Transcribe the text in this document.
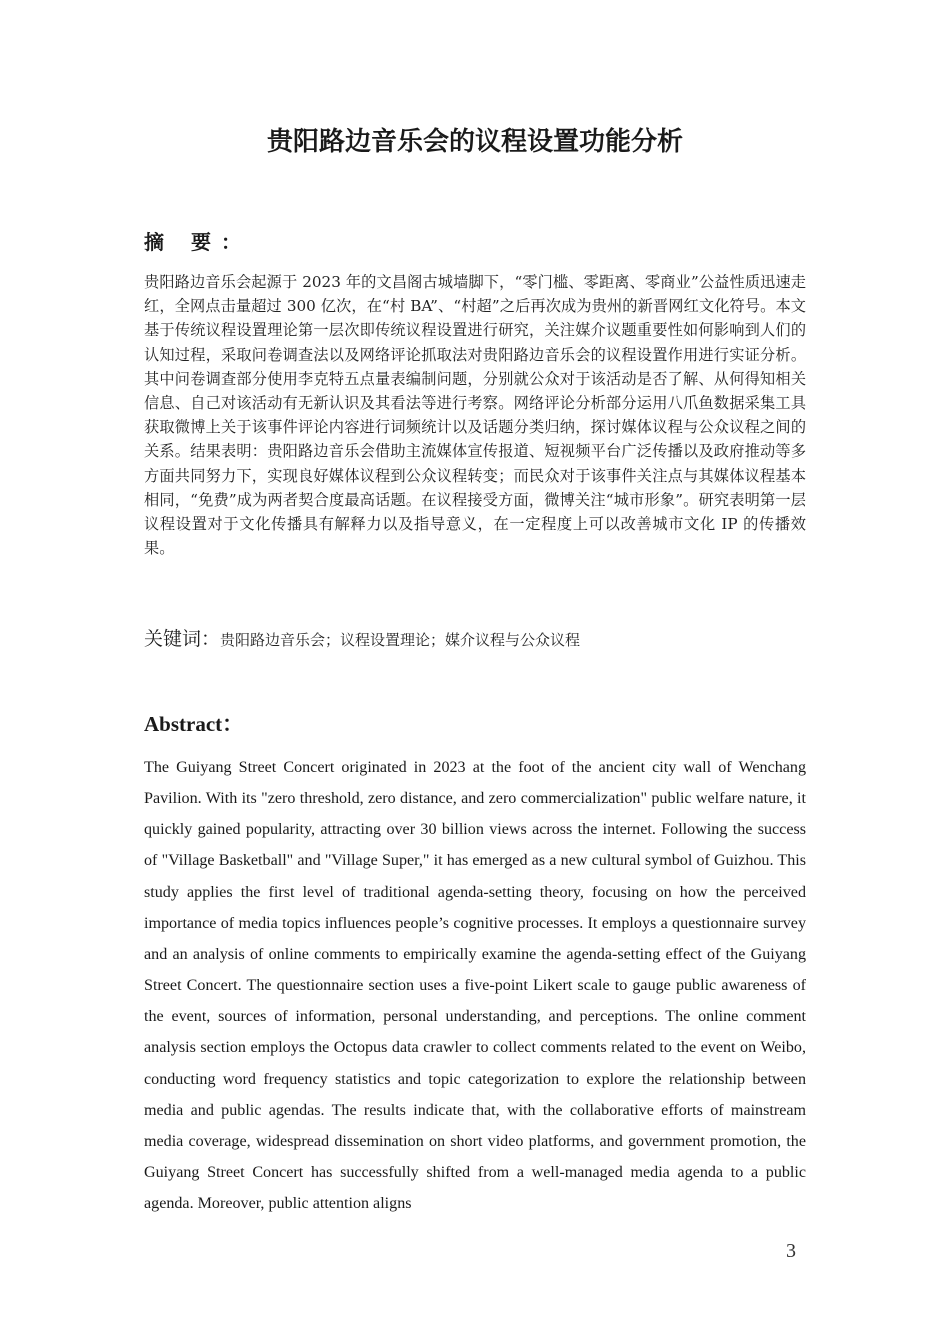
贵阳路边音乐会的议程设置功能分析
摘 要：

贵阳路边音乐会起源于 2023 年的文昌阁古城墙脚下，“零门槛、零距离、零商业”公益性质迅速走红，全网点击量超过 300 亿次，在“村 BA”、“村超”之后再次成为贵州的新晋网红文化符号。本文基于传统议程设置理论第一层次即传统议程设置进行研究，关注媒介议题重要性如何影响到人们的认知过程，采取问卷调查法以及网络评论抓取法对贵阳路边音乐会的议程设置作用进行实证分析。其中问卷调查部分使用李克特五点量表编制问题，分别就公众对于该活动是否了解、从何得知相关信息、自己对该活动有无新认识及其看法等进行考察。网络评论分析部分运用八爪鱼数据采集工具获取微博上关于该事件评论内容进行词频统计以及话题分类归纳，探讨媒体议程与公众议程之间的关系。结果表明：贵阳路边音乐会借助主流媒体宣传报道、短视频平台广泛传播以及政府推动等多方面共同努力下，实现良好媒体议程到公众议程转变；而民众对于该事件关注点与其媒体议程基本相同，“免费”成为两者契合度最高话题。在议程接受方面，微博关注“城市形象”。研究表明第一层议程设置对于文化传播具有解释力以及指导意义，在一定程度上可以改善城市文化 IP 的传播效果。

关键词：贵阳路边音乐会；议程设置理论；媒介议程与公众议程

Abstract：

The Guiyang Street Concert originated in 2023 at the foot of the ancient city wall of Wenchang Pavilion. With its "zero threshold, zero distance, and zero commercialization" public welfare nature, it quickly gained popularity, attracting over 30 billion views across the internet. Following the success of "Village Basketball" and "Village Super," it has emerged as a new cultural symbol of Guizhou. This study applies the first level of traditional agenda-setting theory, focusing on how the perceived importance of media topics influences people’s cognitive processes. It employs a questionnaire survey and an analysis of online comments to empirically examine the agenda-setting effect of the Guiyang Street Concert. The questionnaire section uses a five-point Likert scale to gauge public awareness of the event, sources of information, personal understanding, and perceptions. The online comment analysis section employs the Octopus data crawler to collect comments related to the event on Weibo, conducting word frequency statistics and topic categorization to explore the relationship between media and public agendas. The results indicate that, with the collaborative efforts of mainstream media coverage, widespread dissemination on short video platforms, and government promotion, the Guiyang Street Concert has successfully shifted from a well-managed media agenda to a public agenda. Moreover, public attention aligns

3
